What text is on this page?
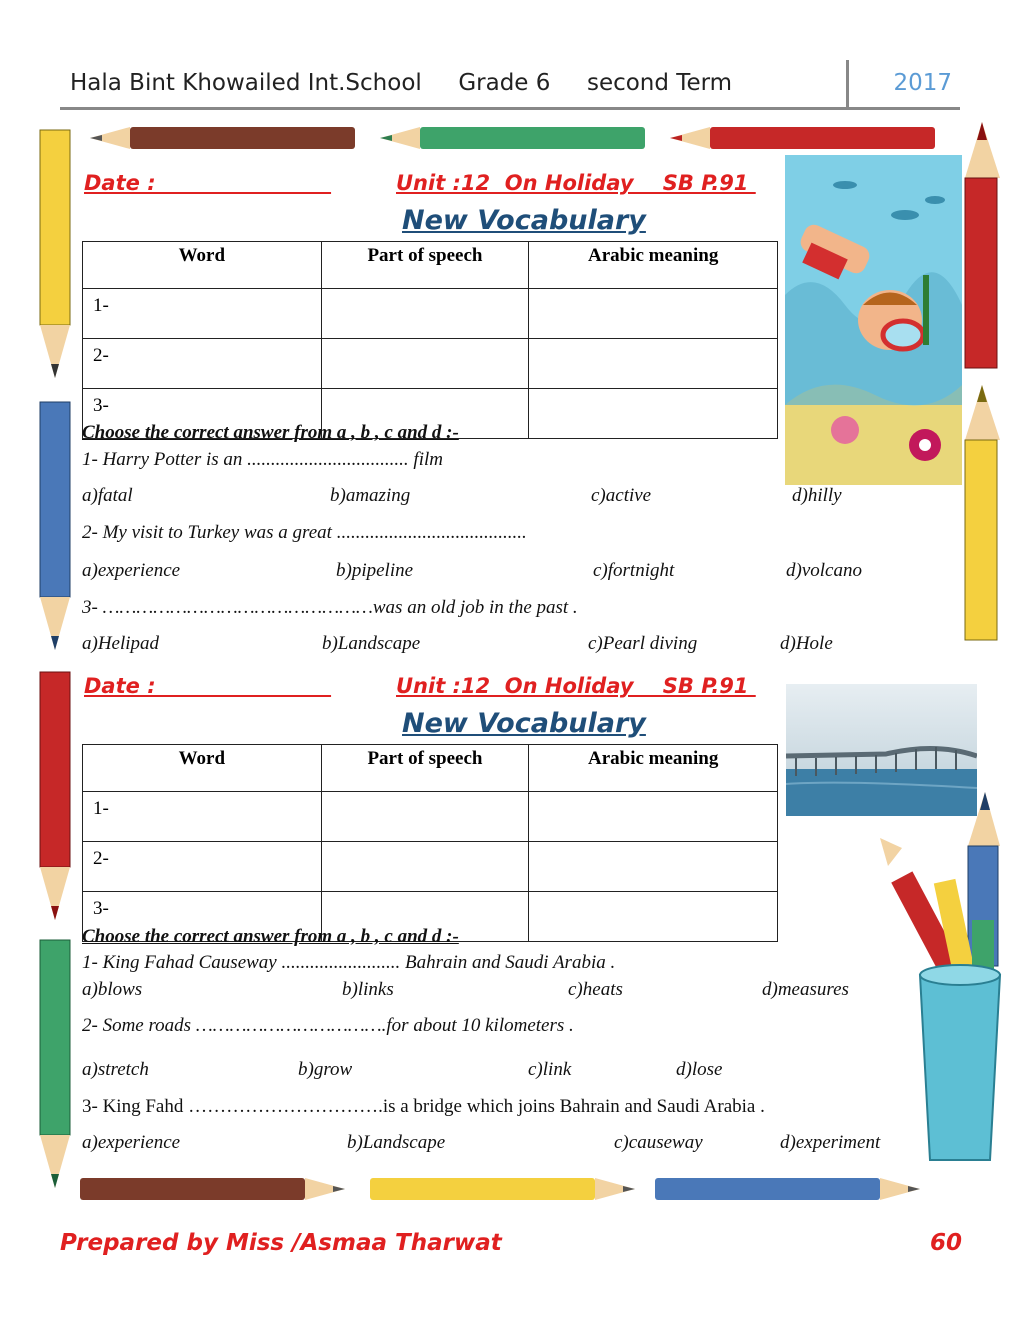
Hala Bint Khowailed Int.School     Grade 6     second Term	2017
Date :	Unit :12  On Holiday    SB P.91
New Vocabulary
Word	Part of speech	Arabic meaning
1-		
2-		
3-		
Choose the correct answer from a , b , c and d :-
1- Harry Potter is an .................................. film
a)fatal	b)amazing	c)active	d)hilly
2- My visit to Turkey was a great ........................................
a)experience	b)pipeline	c)fortnight	d)volcano
3- …………………………………………was an old job in the past .
a)Helipad	b)Landscape	c)Pearl diving	d)Hole
Date :	Unit :12  On Holiday    SB P.91
New Vocabulary
Word	Part of speech	Arabic meaning
1-		
2-		
3-		
Choose the correct answer from a , b , c and d :-
1- King Fahad Causeway ......................... Bahrain and Saudi Arabia .
a)blows	b)links	c)heats	d)measures
2- Some roads …………………………….for about 10 kilometers .
a)stretch	b)grow	c)link	d)lose
3- King Fahd ………………………….is a bridge which joins Bahrain and Saudi Arabia .
a)experience	b)Landscape	c)causeway	d)experiment
Prepared by Miss /Asmaa Tharwat	60
